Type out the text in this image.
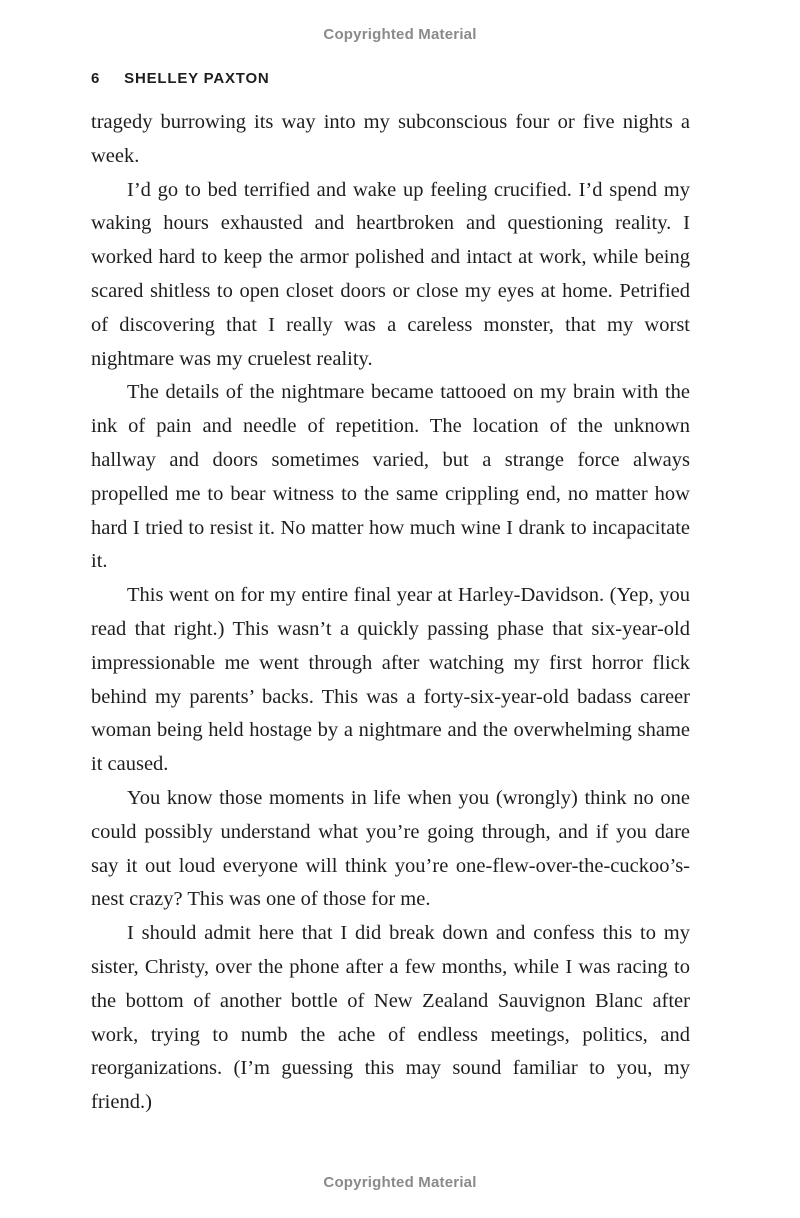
Copyrighted Material
6 SHELLEY PAXTON

tragedy burrowing its way into my subconscious four or five nights a week.

I’d go to bed terrified and wake up feeling crucified. I’d spend my waking hours exhausted and heartbroken and questioning reality. I worked hard to keep the armor polished and intact at work, while being scared shitless to open closet doors or close my eyes at home. Petrified of discovering that I really was a careless monster, that my worst nightmare was my cruelest reality.

The details of the nightmare became tattooed on my brain with the ink of pain and needle of repetition. The location of the unknown hallway and doors sometimes varied, but a strange force always propelled me to bear witness to the same crippling end, no matter how hard I tried to resist it. No matter how much wine I drank to incapacitate it.

This went on for my entire final year at Harley-Davidson. (Yep, you read that right.) This wasn’t a quickly passing phase that six-year-old impressionable me went through after watching my first horror flick behind my parents’ backs. This was a forty-six-year-old badass career woman being held hostage by a nightmare and the overwhelming shame it caused.

You know those moments in life when you (wrongly) think no one could possibly understand what you’re going through, and if you dare say it out loud everyone will think you’re one-flew-over-the-cuckoo’s-nest crazy? This was one of those for me.

I should admit here that I did break down and confess this to my sister, Christy, over the phone after a few months, while I was racing to the bottom of another bottle of New Zealand Sauvignon Blanc after work, trying to numb the ache of endless meetings, politics, and reorganizations. (I’m guessing this may sound familiar to you, my friend.)

Copyrighted Material
